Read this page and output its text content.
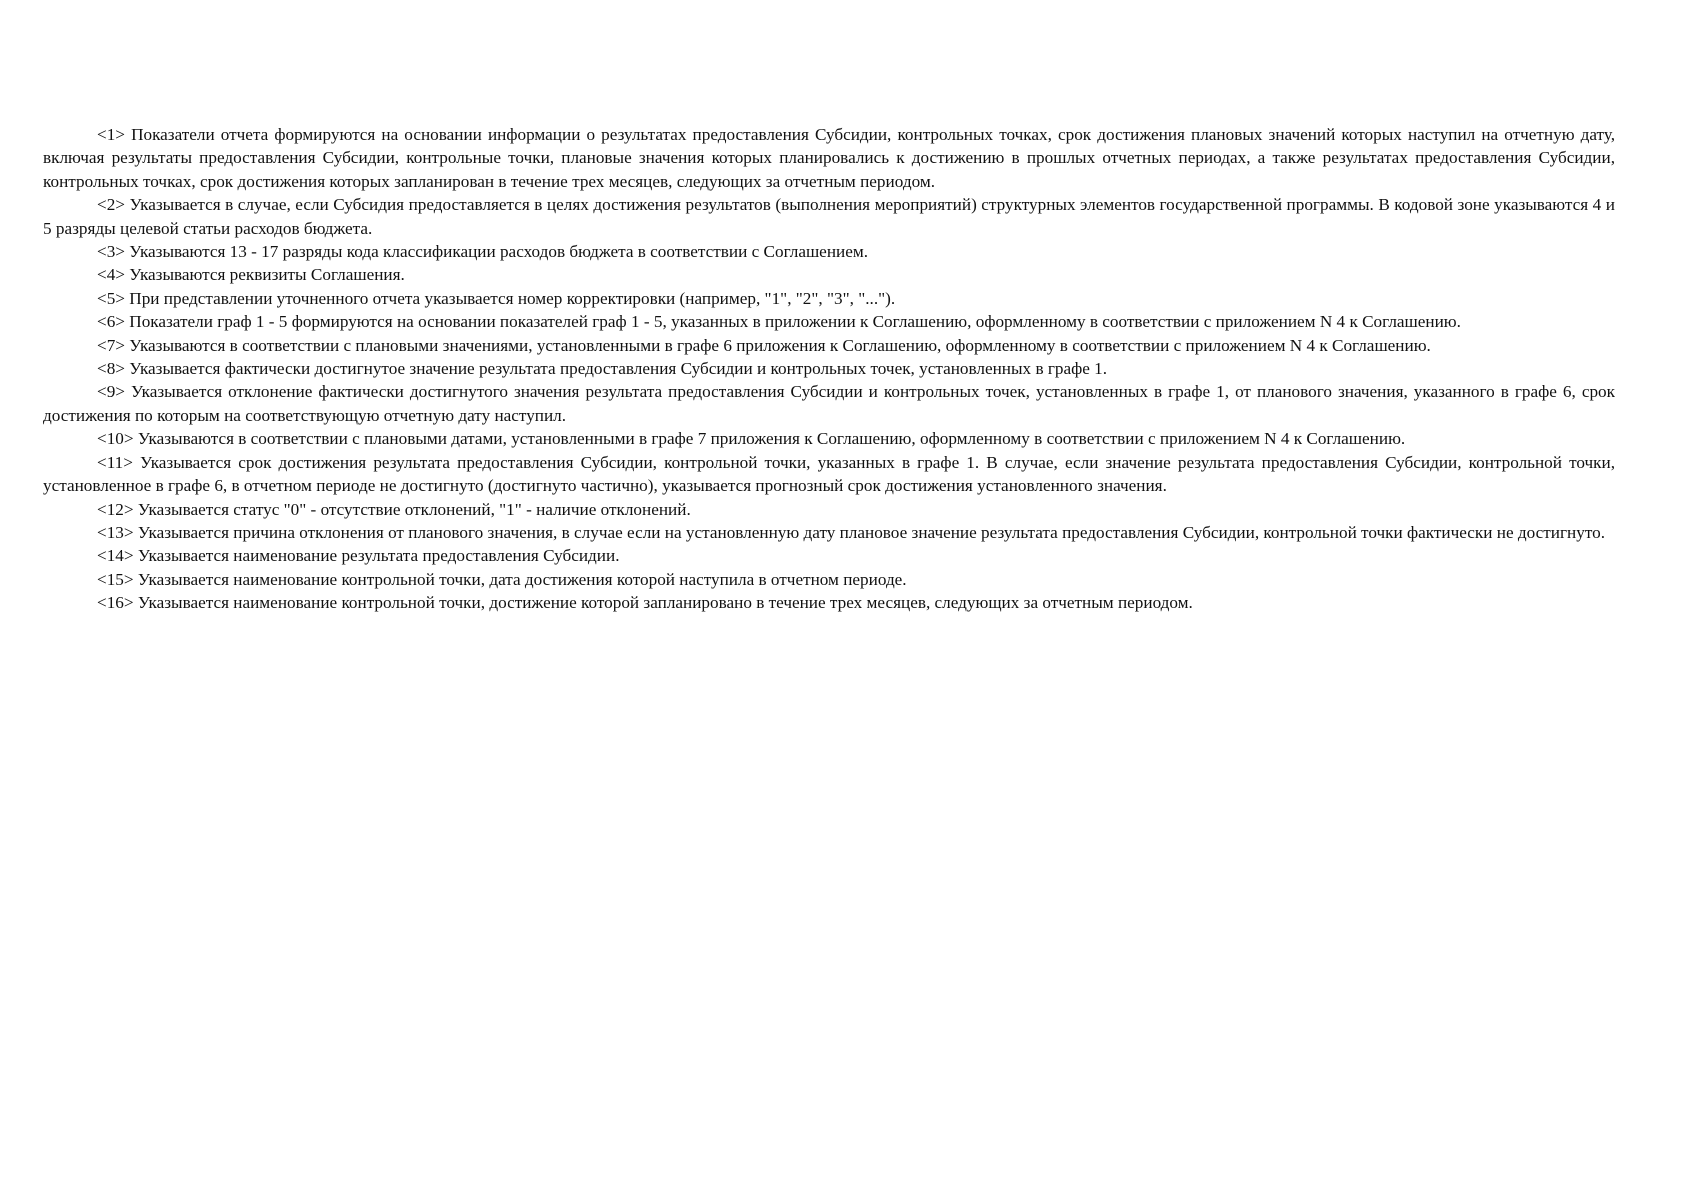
<1> Показатели отчета формируются на основании информации о результатах предоставления Субсидии, контрольных точках, срок достижения плановых значений которых наступил на отчетную дату, включая результаты предоставления Субсидии, контрольные точки, плановые значения которых планировались к достижению в прошлых отчетных периодах, а также результатах предоставления Субсидии, контрольных точках, срок достижения которых запланирован в течение трех месяцев, следующих за отчетным периодом.

<2> Указывается в случае, если Субсидия предоставляется в целях достижения результатов (выполнения мероприятий) структурных элементов государственной программы. В кодовой зоне указываются 4 и 5 разряды целевой статьи расходов бюджета.

<3> Указываются 13 - 17 разряды кода классификации расходов бюджета в соответствии с Соглашением.

<4> Указываются реквизиты Соглашения.

<5> При представлении уточненного отчета указывается номер корректировки (например, "1", "2", "3", "...").

<6> Показатели граф 1 - 5 формируются на основании показателей граф 1 - 5, указанных в приложении к Соглашению, оформленному в соответствии с приложением N 4 к Соглашению.

<7> Указываются в соответствии с плановыми значениями, установленными в графе 6 приложения к Соглашению, оформленному в соответствии с приложением N 4 к Соглашению.

<8> Указывается фактически достигнутое значение результата предоставления Субсидии и контрольных точек, установленных в графе 1.

<9> Указывается отклонение фактически достигнутого значения результата предоставления Субсидии и контрольных точек, установленных в графе 1, от планового значения, указанного в графе 6, срок достижения по которым на соответствующую отчетную дату наступил.

<10> Указываются в соответствии с плановыми датами, установленными в графе 7 приложения к Соглашению, оформленному в соответствии с приложением N 4 к Соглашению.

<11> Указывается срок достижения результата предоставления Субсидии, контрольной точки, указанных в графе 1. В случае, если значение результата предоставления Субсидии, контрольной точки, установленное в графе 6, в отчетном периоде не достигнуто (достигнуто частично), указывается прогнозный срок достижения установленного значения.

<12> Указывается статус "0" - отсутствие отклонений, "1" - наличие отклонений.

<13> Указывается причина отклонения от планового значения, в случае если на установленную дату плановое значение результата предоставления Субсидии, контрольной точки фактически не достигнуто.

<14> Указывается наименование результата предоставления Субсидии.

<15> Указывается наименование контрольной точки, дата достижения которой наступила в отчетном периоде.

<16> Указывается наименование контрольной точки, достижение которой запланировано в течение трех месяцев, следующих за отчетным периодом.
